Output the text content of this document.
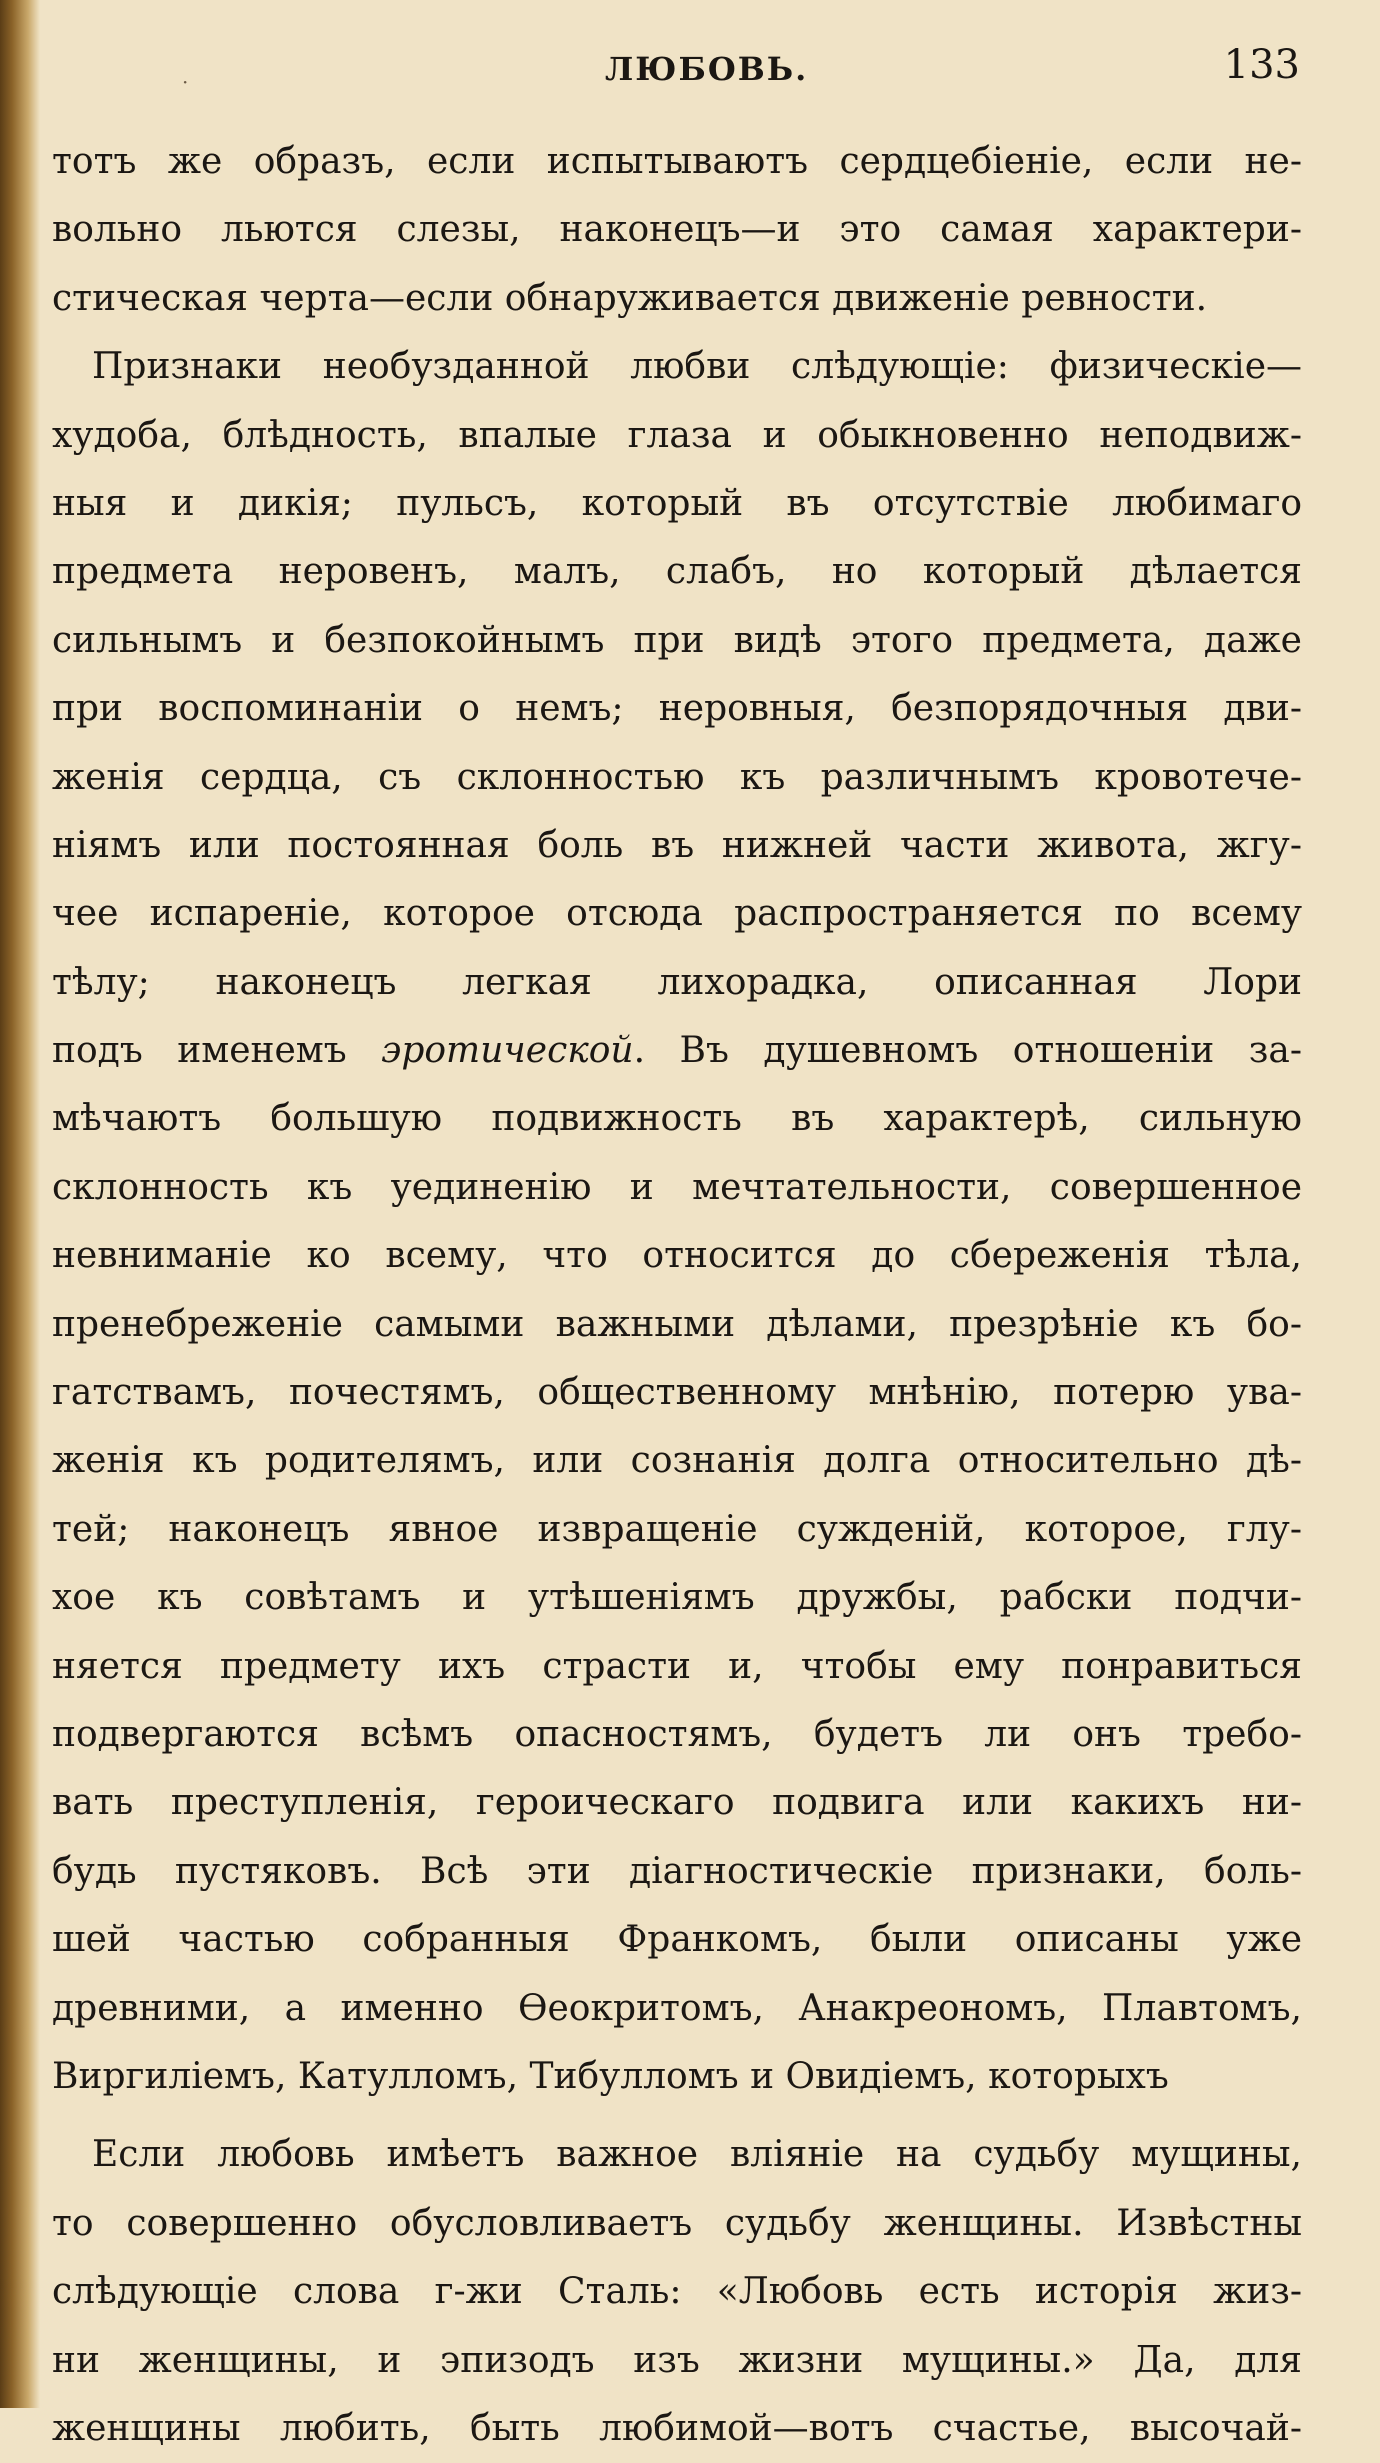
·	ЛЮБОВЬ.	133
тотъ же образъ, если испытываютъ сердцебіеніе, если не-
вольно льются слезы, наконецъ—и это самая характери-
стическая черта—если обнаруживается движеніе ревности.
Признаки необузданной любви слѣдующіе: физическіе—
худоба, блѣдность, впалые глаза и обыкновенно неподвиж-
ныя и дикія; пульсъ, который въ отсутствіе любимаго
предмета неровенъ, малъ, слабъ, но который дѣлается
сильнымъ и безпокойнымъ при видѣ этого предмета, даже
при воспоминаніи о немъ; неровныя, безпорядочныя дви-
женія сердца, съ склонностью къ различнымъ кровотече-
ніямъ или постоянная боль въ нижней части живота, жгу-
чее испареніе, которое отсюда распространяется по всему
тѣлу; наконецъ легкая лихорадка, описанная Лори
подъ именемъ эротической. Въ душевномъ отношеніи за-
мѣчаютъ большую подвижность въ характерѣ, сильную
склонность къ уединенію и мечтательности, совершенное
невниманіе ко всему, что относится до сбереженія тѣла,
пренебреженіе самыми важными дѣлами, презрѣніе къ бо-
гатствамъ, почестямъ, общественному мнѣнію, потерю ува-
женія къ родителямъ, или сознанія долга относительно дѣ-
тей; наконецъ явное извращеніе сужденій, которое, глу-
хое къ совѣтамъ и утѣшеніямъ дружбы, рабски подчи-
няется предмету ихъ страсти и, чтобы ему понравиться
подвергаются всѣмъ опасностямъ, будетъ ли онъ требо-
вать преступленія, героическаго подвига или какихъ ни-
будь пустяковъ. Всѣ эти діагностическіе признаки, боль-
шей частью собранныя Франкомъ, были описаны уже
древними, а именно Ѳеокритомъ, Анакреономъ, Плавтомъ,
Виргиліемъ, Катулломъ, Тибулломъ и Овидіемъ, которыхъ
Если любовь имѣетъ важное вліяніе на судьбу мущины,
то совершенно обусловливаетъ судьбу женщины. Извѣстны
слѣдующіе слова г-жи Сталь: «Любовь есть исторія жиз-
ни женщины, и эпизодъ изъ жизни мущины.» Да, для
женщины любить, быть любимой—вотъ счастье, высочай-
